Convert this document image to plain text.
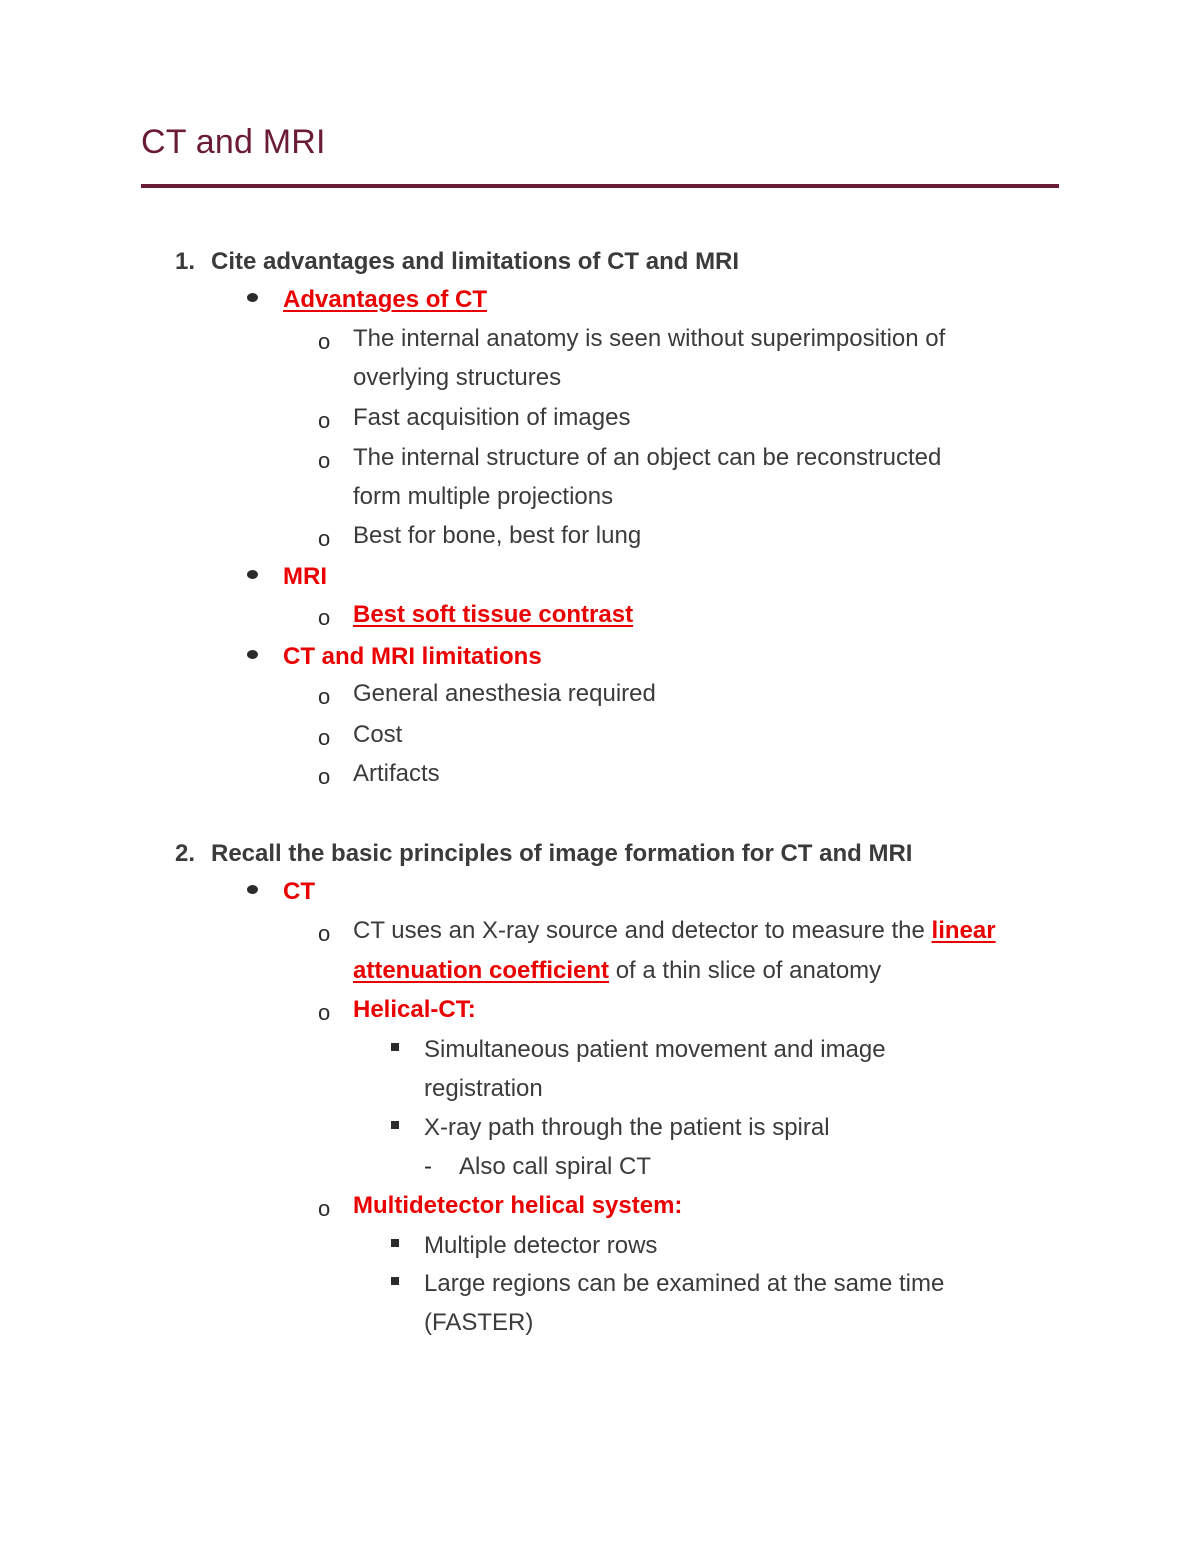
CT and MRI
1. Cite advantages and limitations of CT and MRI
Advantages of CT
o The internal anatomy is seen without superimposition of
overlying structures
o Fast acquisition of images
o The internal structure of an object can be reconstructed
form multiple projections
o Best for bone, best for lung
MRI
o Best soft tissue contrast
CT and MRI limitations
o General anesthesia required
o Cost
o Artifacts
2. Recall the basic principles of image formation for CT and MRI
CT
o CT uses an X-ray source and detector to measure the linear
attenuation coefficient of a thin slice of anatomy
o Helical-CT:
Simultaneous patient movement and image
registration
X-ray path through the patient is spiral
- Also call spiral CT
o Multidetector helical system:
Multiple detector rows
Large regions can be examined at the same time
(FASTER)
